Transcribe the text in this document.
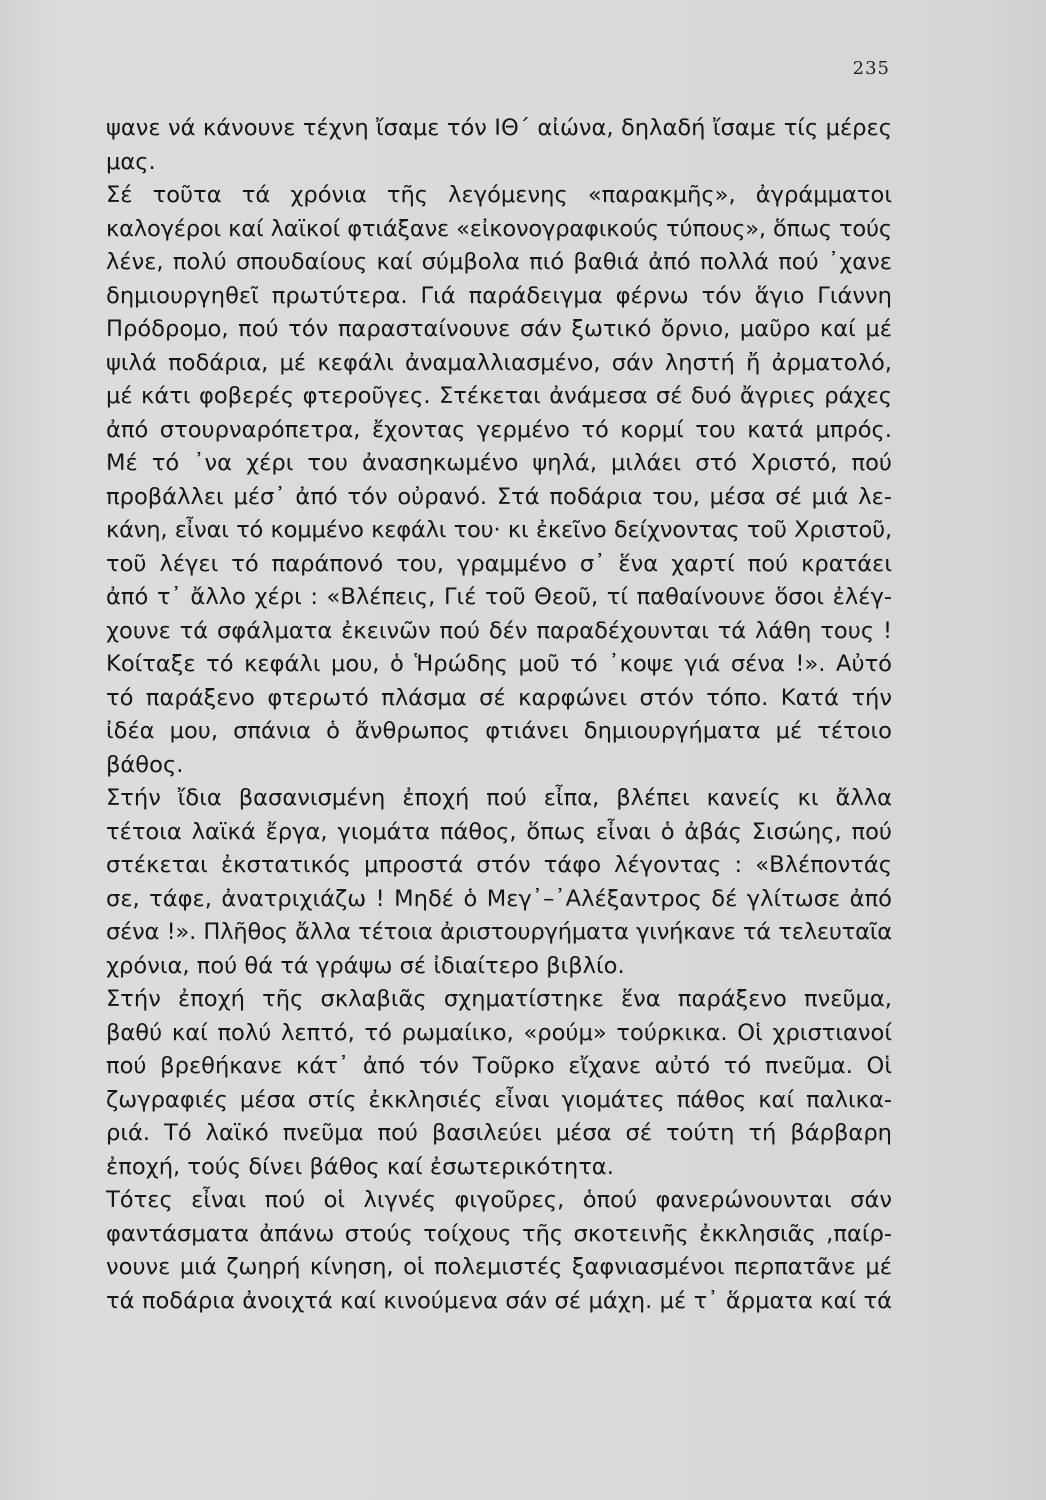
235
ψανε νά κάνουνε τέχνη ἴσαμε τόν ΙΘ΄ αἰώνα, δηλαδή ἴσαμε τίς μέρες
μας.
Σέ τοῦτα τά χρόνια τῆς λεγόμενης «παρακμῆς», ἀγράμματοι
καλογέροι καί λαϊκοί φτιάξανε «εἰκονογραφικούς τύπους», ὅπως τούς
λένε, πολύ σπουδαίους καί σύμβολα πιό βαθιά ἀπό πολλά πού ᾽χανε
δημιουργηθεῖ πρωτύτερα. Γιά παράδειγμα φέρνω τόν ἅγιο Γιάννη
Πρόδρομο, πού τόν παρασταίνουνε σάν ξωτικό ὄρνιο, μαῦρο καί μέ
ψιλά ποδάρια, μέ κεφάλι ἀναμαλλιασμένο, σάν ληστή ἤ ἀρματολό,
μέ κάτι φοβερές φτεροῦγες. Στέκεται ἀνάμεσα σέ δυό ἄγριες ράχες
ἀπό στουρναρόπετρα, ἔχοντας γερμένο τό κορμί του κατά μπρός.
Μέ τό ᾽να χέρι του ἀνασηκωμένο ψηλά, μιλάει στό Χριστό, πού
προβάλλει μέσ᾽ ἀπό τόν οὐρανό. Στά ποδάρια του, μέσα σέ μιά λε-
κάνη, εἶναι τό κομμένο κεφάλι του· κι ἐκεῖνο δείχνοντας τοῦ Χριστοῦ,
τοῦ λέγει τό παράπονό του, γραμμένο σ᾽ ἕνα χαρτί πού κρατάει
ἀπό τ᾽ ἄλλο χέρι : «Βλέπεις, Γιέ τοῦ Θεοῦ, τί παθαίνουνε ὅσοι ἐλέγ-
χουνε τά σφάλματα ἐκεινῶν πού δέν παραδέχουνται τά λάθη τους !
Κοίταξε τό κεφάλι μου, ὁ Ἡρώδης μοῦ τό ᾽κοψε γιά σένα !». Αὐτό
τό παράξενο φτερωτό πλάσμα σέ καρφώνει στόν τόπο. Κατά τήν
ἰδέα μου, σπάνια ὁ ἄνθρωπος φτιάνει δημιουργήματα μέ τέτοιο
βάθος.
Στήν ἴδια βασανισμένη ἐποχή πού εἶπα, βλέπει κανείς κι ἄλλα
τέτοια λαϊκά ἔργα, γιομάτα πάθος, ὅπως εἶναι ὁ ἀβάς Σισώης, πού
στέκεται ἐκστατικός μπροστά στόν τάφο λέγοντας : «Βλέποντάς
σε, τάφε, ἀνατριχιάζω ! Μηδέ ὁ Μεγ᾽–᾽Αλέξαντρος δέ γλίτωσε ἀπό
σένα !». Πλῆθος ἄλλα τέτοια ἀριστουργήματα γινήκανε τά τελευταῖα
χρόνια, πού θά τά γράψω σέ ἰδιαίτερο βιβλίο.
Στήν ἐποχή τῆς σκλαβιᾶς σχηματίστηκε ἕνα παράξενο πνεῦμα,
βαθύ καί πολύ λεπτό, τό ρωμαίικο, «ρούμ» τούρκικα. Οἱ χριστιανοί
πού βρεθήκανε κάτ᾽ ἀπό τόν Τοῦρκο εἴχανε αὐτό τό πνεῦμα. Οἱ
ζωγραφιές μέσα στίς ἐκκλησιές εἶναι γιομάτες πάθος καί παλικα-
ριά. Τό λαϊκό πνεῦμα πού βασιλεύει μέσα σέ τούτη τή βάρβαρη
ἐποχή, τούς δίνει βάθος καί ἐσωτερικότητα.
Τότες εἶναι πού οἱ λιγνές φιγοῦρες, ὁπού φανερώνουνται σάν
φαντάσματα ἀπάνω στούς τοίχους τῆς σκοτεινῆς ἐκκλησιᾶς ,παίρ-
νουνε μιά ζωηρή κίνηση, οἱ πολεμιστές ξαφνιασμένοι περπατᾶνε μέ
τά ποδάρια ἀνοιχτά καί κινούμενα σάν σέ μάχη. μέ τ᾽ ἅρματα καί τά
